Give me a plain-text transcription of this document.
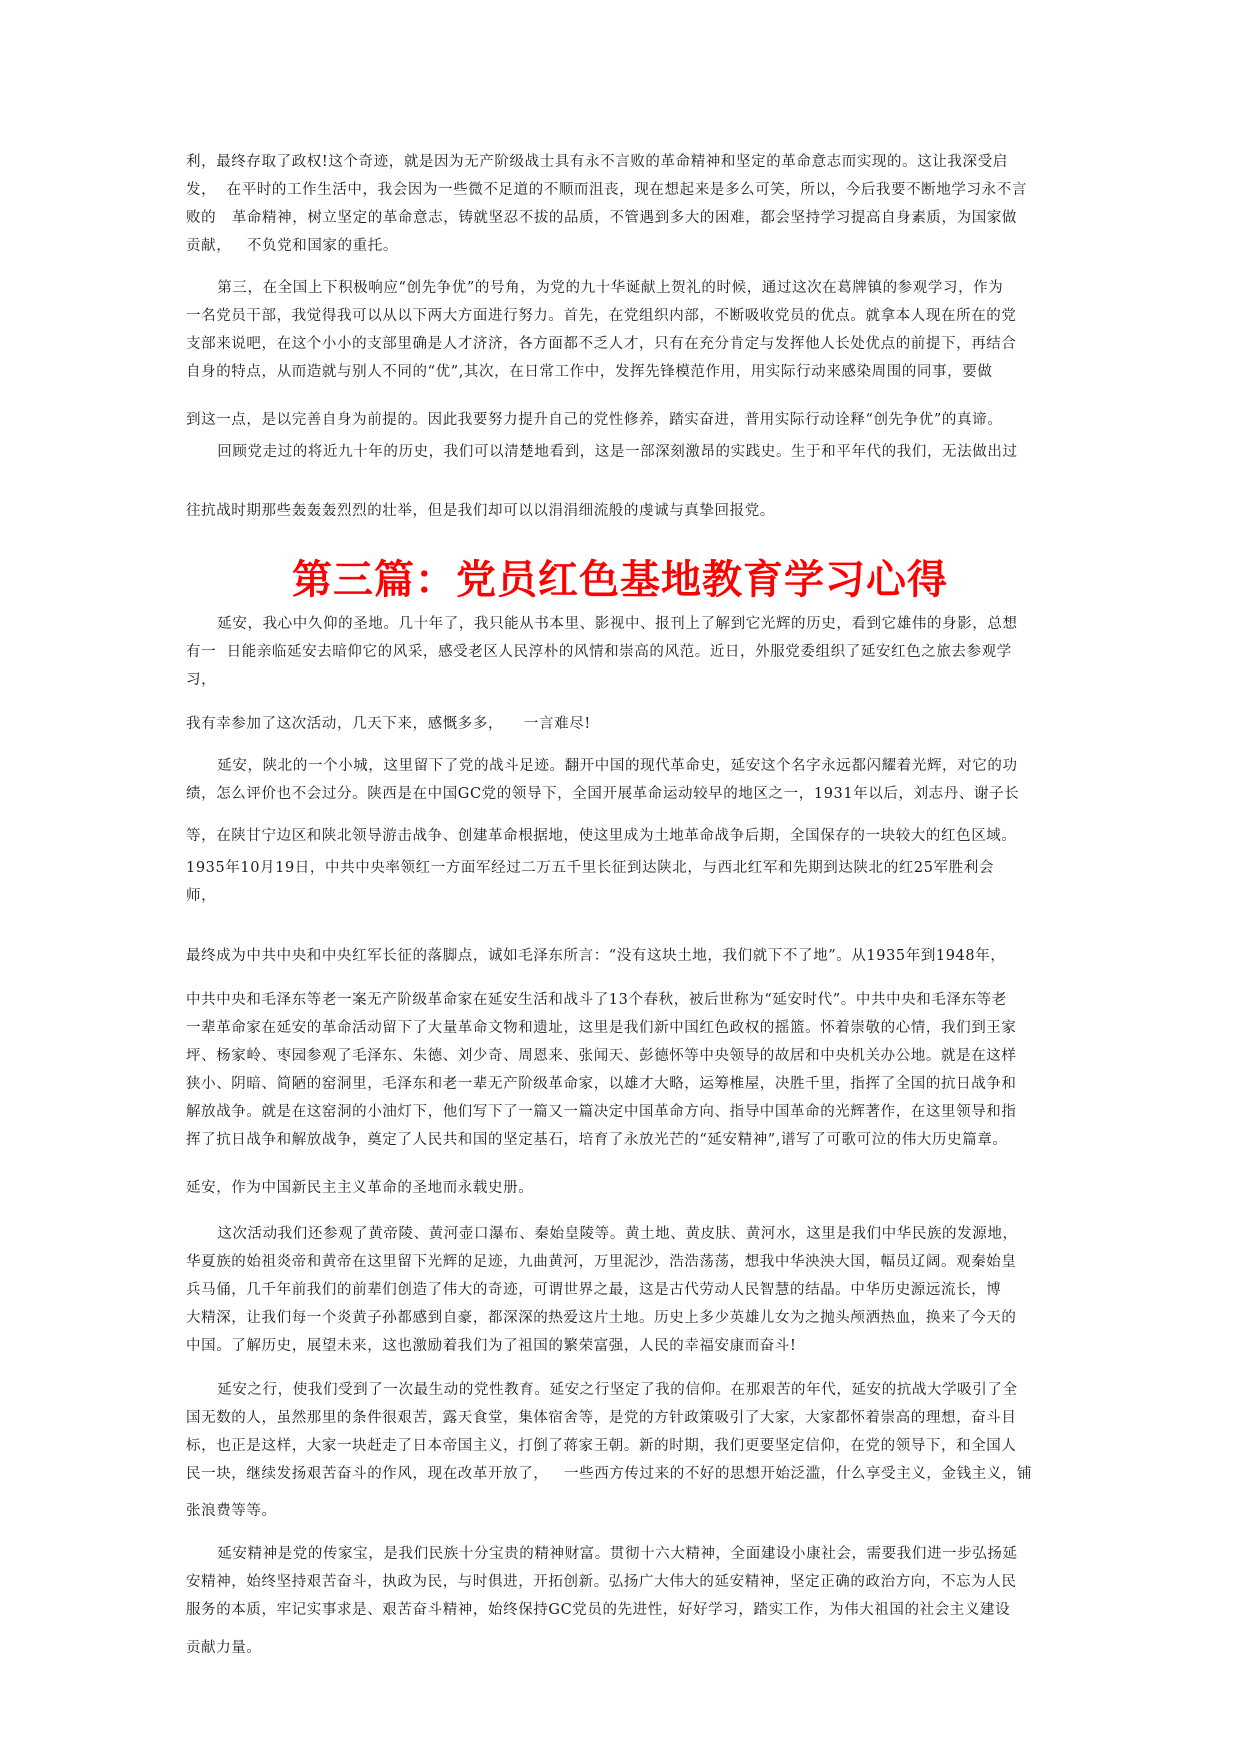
利，最终存取了政权!这个奇迹，就是因为无产阶级战士具有永不言败的革命精神和坚定的革命意志而实现的。这让我深受启
发，  在平时的工作生活中，我会因为一些微不足道的不顺而沮丧，现在想起来是多么可笑，所以，今后我要不断地学习永不言
败的   革命精神，树立坚定的革命意志，铸就坚忍不拔的品质，不管遇到多大的困难，都会坚持学习提高自身素质，为国家做
贡献，   不负党和国家的重托。

第三，在全国上下积极响应“创先争优”的号角，为党的九十华诞献上贺礼的时候，通过这次在葛牌镇的参观学习，作为
一名党员干部，我觉得我可以从以下两大方面进行努力。首先，在党组织内部，不断吸收党员的优点。就拿本人现在所在的党
支部来说吧，在这个小小的支部里确是人才济济，各方面都不乏人才，只有在充分肯定与发挥他人长处优点的前提下，再结合
自身的特点，从而造就与别人不同的“优”,其次，在日常工作中，发挥先锋模范作用，用实际行动来感染周围的同事，要做

到这一点，是以完善自身为前提的。因此我要努力提升自己的党性修养，踏实奋进，普用实际行动诠释“创先争优”的真谛。
回顾党走过的将近九十年的历史，我们可以清楚地看到，这是一部深刻激昂的实践史。生于和平年代的我们，无法做出过

往抗战时期那些轰轰轰烈烈的壮举，但是我们却可以以涓涓细流般的虔诚与真挚回报党。

第三篇：党员红色基地教育学习心得

延安，我心中久仰的圣地。几十年了，我只能从书本里、影视中、报刊上了解到它光辉的历史，看到它雄伟的身影，总想
有一  日能亲临延安去暗仰它的风采，感受老区人民淳朴的风情和崇高的风范。近日，外服党委组织了延安红色之旅去参观学
习，

我有幸参加了这次活动，几天下来，感慨多多，    一言难尽!

延安，陕北的一个小城，这里留下了党的战斗足迹。翻开中国的现代革命史，延安这个名字永远都闪耀着光辉，对它的功
绩，怎么评价也不会过分。陕西是在中国GC党的领导下，全国开展革命运动较早的地区之一，1931年以后，刘志丹、谢子长

等，在陕甘宁边区和陕北领导游击战争、创建革命根据地，使这里成为土地革命战争后期，全国保存的一块较大的红色区域。
1935年10月19日，中共中央率领红一方面军经过二万五千里长征到达陕北，与西北红军和先期到达陕北的红25军胜利会
师，

最终成为中共中央和中央红军长征的落脚点，诚如毛泽东所言：“没有这块土地，我们就下不了地”。从1935年到1948年，

中共中央和毛泽东等老一案无产阶级革命家在延安生活和战斗了13个春秋，被后世称为“延安时代”。中共中央和毛泽东等老
一辈革命家在延安的革命活动留下了大量革命文物和遗址，这里是我们新中国红色政权的摇篮。怀着崇敬的心情，我们到王家
坪、杨家岭、枣园参观了毛泽东、朱德、刘少奇、周恩来、张闻天、彭德怀等中央领导的故居和中央机关办公地。就是在这样
狭小、阴暗、简陋的窑洞里，毛泽东和老一辈无产阶级革命家，以雄才大略，运筹椎屋，决胜千里，指挥了全国的抗日战争和
解放战争。就是在这窑洞的小油灯下，他们写下了一篇又一篇决定中国革命方向、指导中国革命的光辉著作，在这里领导和指
挥了抗日战争和解放战争，奠定了人民共和国的坚定基石，培育了永放光芒的“延安精神”,谱写了可歌可泣的伟大历史篇章。

延安，作为中国新民主主义革命的圣地而永载史册。

这次活动我们还参观了黄帝陵、黄河壶口瀑布、秦始皇陵等。黄土地、黄皮肤、黄河水，这里是我们中华民族的发源地，
华夏族的始祖炎帝和黄帝在这里留下光辉的足迹，九曲黄河，万里泥沙，浩浩荡荡，想我中华泱泱大国，幅员辽阔。观秦始皇
兵马俑，几千年前我们的前辈们创造了伟大的奇迹，可谓世界之最，这是古代劳动人民智慧的结晶。中华历史源远流长，博
大精深，让我们每一个炎黄子孙都感到自豪，都深深的热爱这片土地。历史上多少英雄儿女为之抛头颅洒热血，换来了今天的
中国。了解历史，展望未来，这也激励着我们为了祖国的繁荣富强，人民的幸福安康而奋斗!

延安之行，使我们受到了一次最生动的党性教育。延安之行坚定了我的信仰。在那艰苦的年代，延安的抗战大学吸引了全
国无数的人，虽然那里的条件很艰苦，露天食堂，集体宿舍等，是党的方针政策吸引了大家，大家都怀着崇高的理想，奋斗目
标，也正是这样，大家一块赶走了日本帝国主义，打倒了蒋家王朝。新的时期，我们更要坚定信仰，在党的领导下，和全国人
民一块，继续发扬艰苦奋斗的作风，现在改革开放了，   一些西方传过来的不好的思想开始泛滥，什么享受主义，金钱主义，铺

张浪费等等。

延安精神是党的传家宝，是我们民族十分宝贵的精神财富。贯彻十六大精神，全面建设小康社会，需要我们进一步弘扬延
安精神，始终坚持艰苦奋斗，执政为民，与时俱进，开拓创新。弘扬广大伟大的延安精神，坚定正确的政治方向，不忘为人民
服务的本质，牢记实事求是、艰苦奋斗精神，始终保持GC党员的先进性，好好学习，踏实工作，为伟大祖国的社会主义建设

贡献力量。
